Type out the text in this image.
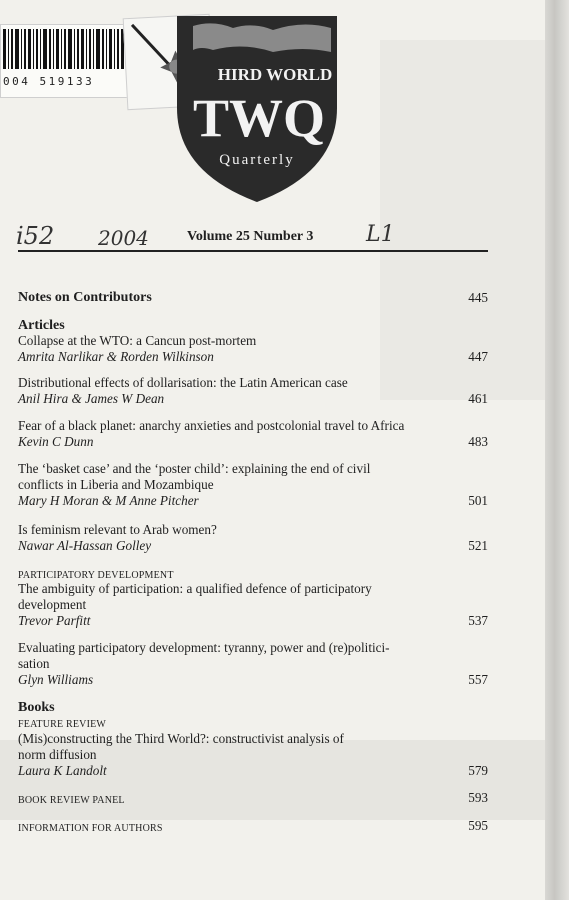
004 519133	HIRD WORLD
TWQ
Quarterly
i52 2004	Volume 25 Number 3 L1
Notes on Contributors	445
Articles
Collapse at the WTO: a Cancun post-mortem
Amrita Narlikar & Rorden Wilkinson	447
Distributional effects of dollarisation: the Latin American case
Anil Hira & James W Dean	461
Fear of a black planet: anarchy anxieties and postcolonial travel to Africa
Kevin C Dunn	483
The ‘basket case’ and the ‘poster child’: explaining the end of civil
conflicts in Liberia and Mozambique
Mary H Moran & M Anne Pitcher	501
Is feminism relevant to Arab women?
Nawar Al-Hassan Golley	521
PARTICIPATORY DEVELOPMENT
The ambiguity of participation: a qualified defence of participatory
development
Trevor Parfitt	537
Evaluating participatory development: tyranny, power and (re)politici-
sation
Glyn Williams	557
Books
FEATURE REVIEW
(Mis)constructing the Third World?: constructivist analysis of
norm diffusion
Laura K Landolt	579
BOOK REVIEW PANEL	593
INFORMATION FOR AUTHORS	595
